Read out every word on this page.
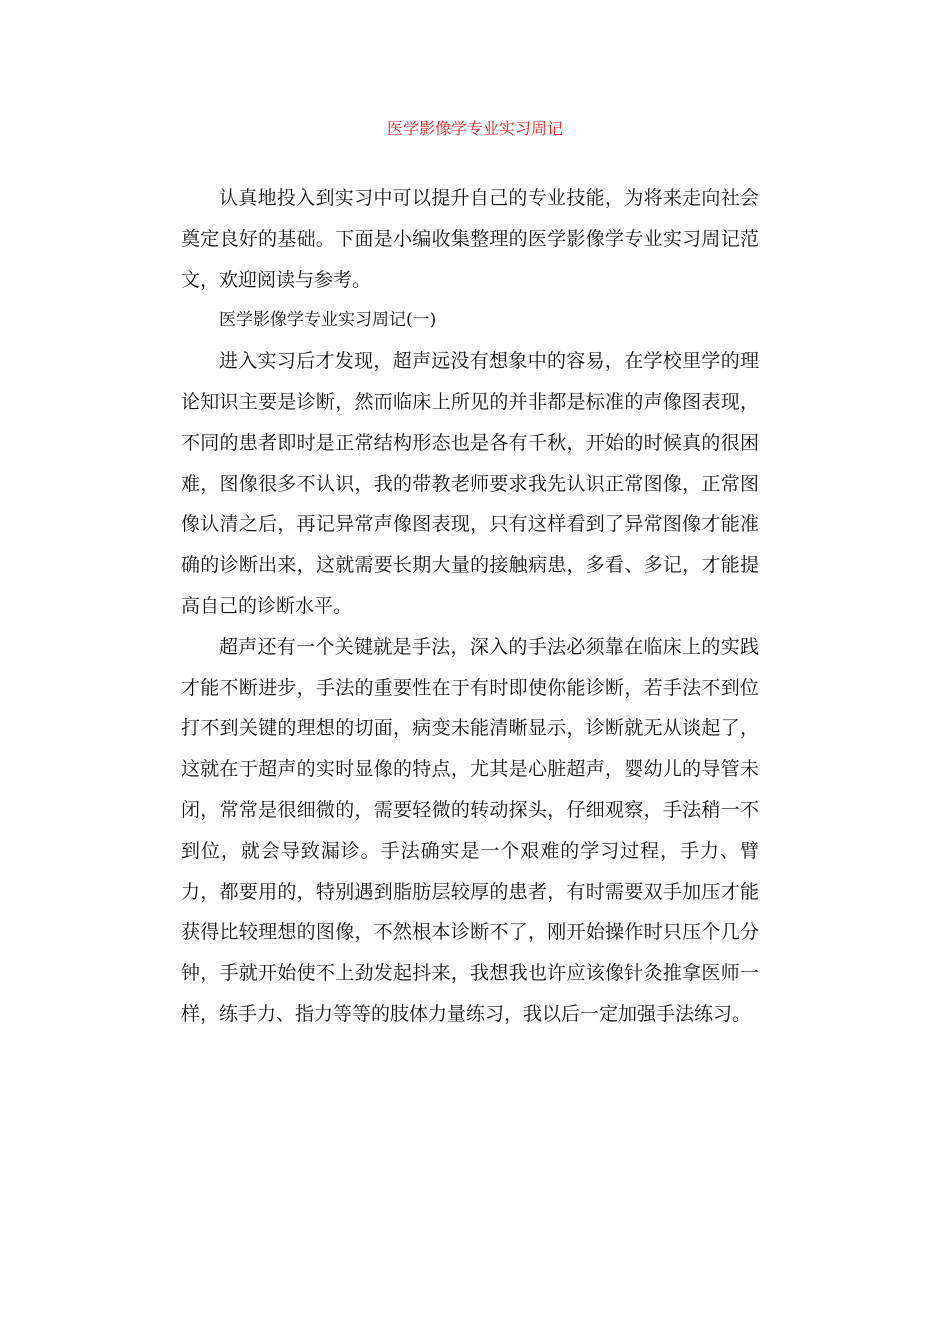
医学影像学专业实习周记

认真地投入到实习中可以提升自己的专业技能，为将来走向社会奠定良好的基础。下面是小编收集整理的医学影像学专业实习周记范文，欢迎阅读与参考。

医学影像学专业实习周记(一)

进入实习后才发现，超声远没有想象中的容易，在学校里学的理论知识主要是诊断，然而临床上所见的并非都是标准的声像图表现，不同的患者即时是正常结构形态也是各有千秋，开始的时候真的很困难，图像很多不认识，我的带教老师要求我先认识正常图像，正常图像认清之后，再记异常声像图表现，只有这样看到了异常图像才能准确的诊断出来，这就需要长期大量的接触病患，多看、多记，才能提高自己的诊断水平。

超声还有一个关键就是手法，深入的手法必须靠在临床上的实践才能不断进步，手法的重要性在于有时即使你能诊断，若手法不到位打不到关键的理想的切面，病变未能清晰显示，诊断就无从谈起了，这就在于超声的实时显像的特点，尤其是心脏超声，婴幼儿的导管未闭，常常是很细微的，需要轻微的转动探头，仔细观察，手法稍一不到位，就会导致漏诊。手法确实是一个艰难的学习过程，手力、臂力，都要用的，特别遇到脂肪层较厚的患者，有时需要双手加压才能获得比较理想的图像，不然根本诊断不了，刚开始操作时只压个几分钟，手就开始使不上劲发起抖来，我想我也许应该像针灸推拿医师一样，练手力、指力等等的肢体力量练习，我以后一定加强手法练习。
